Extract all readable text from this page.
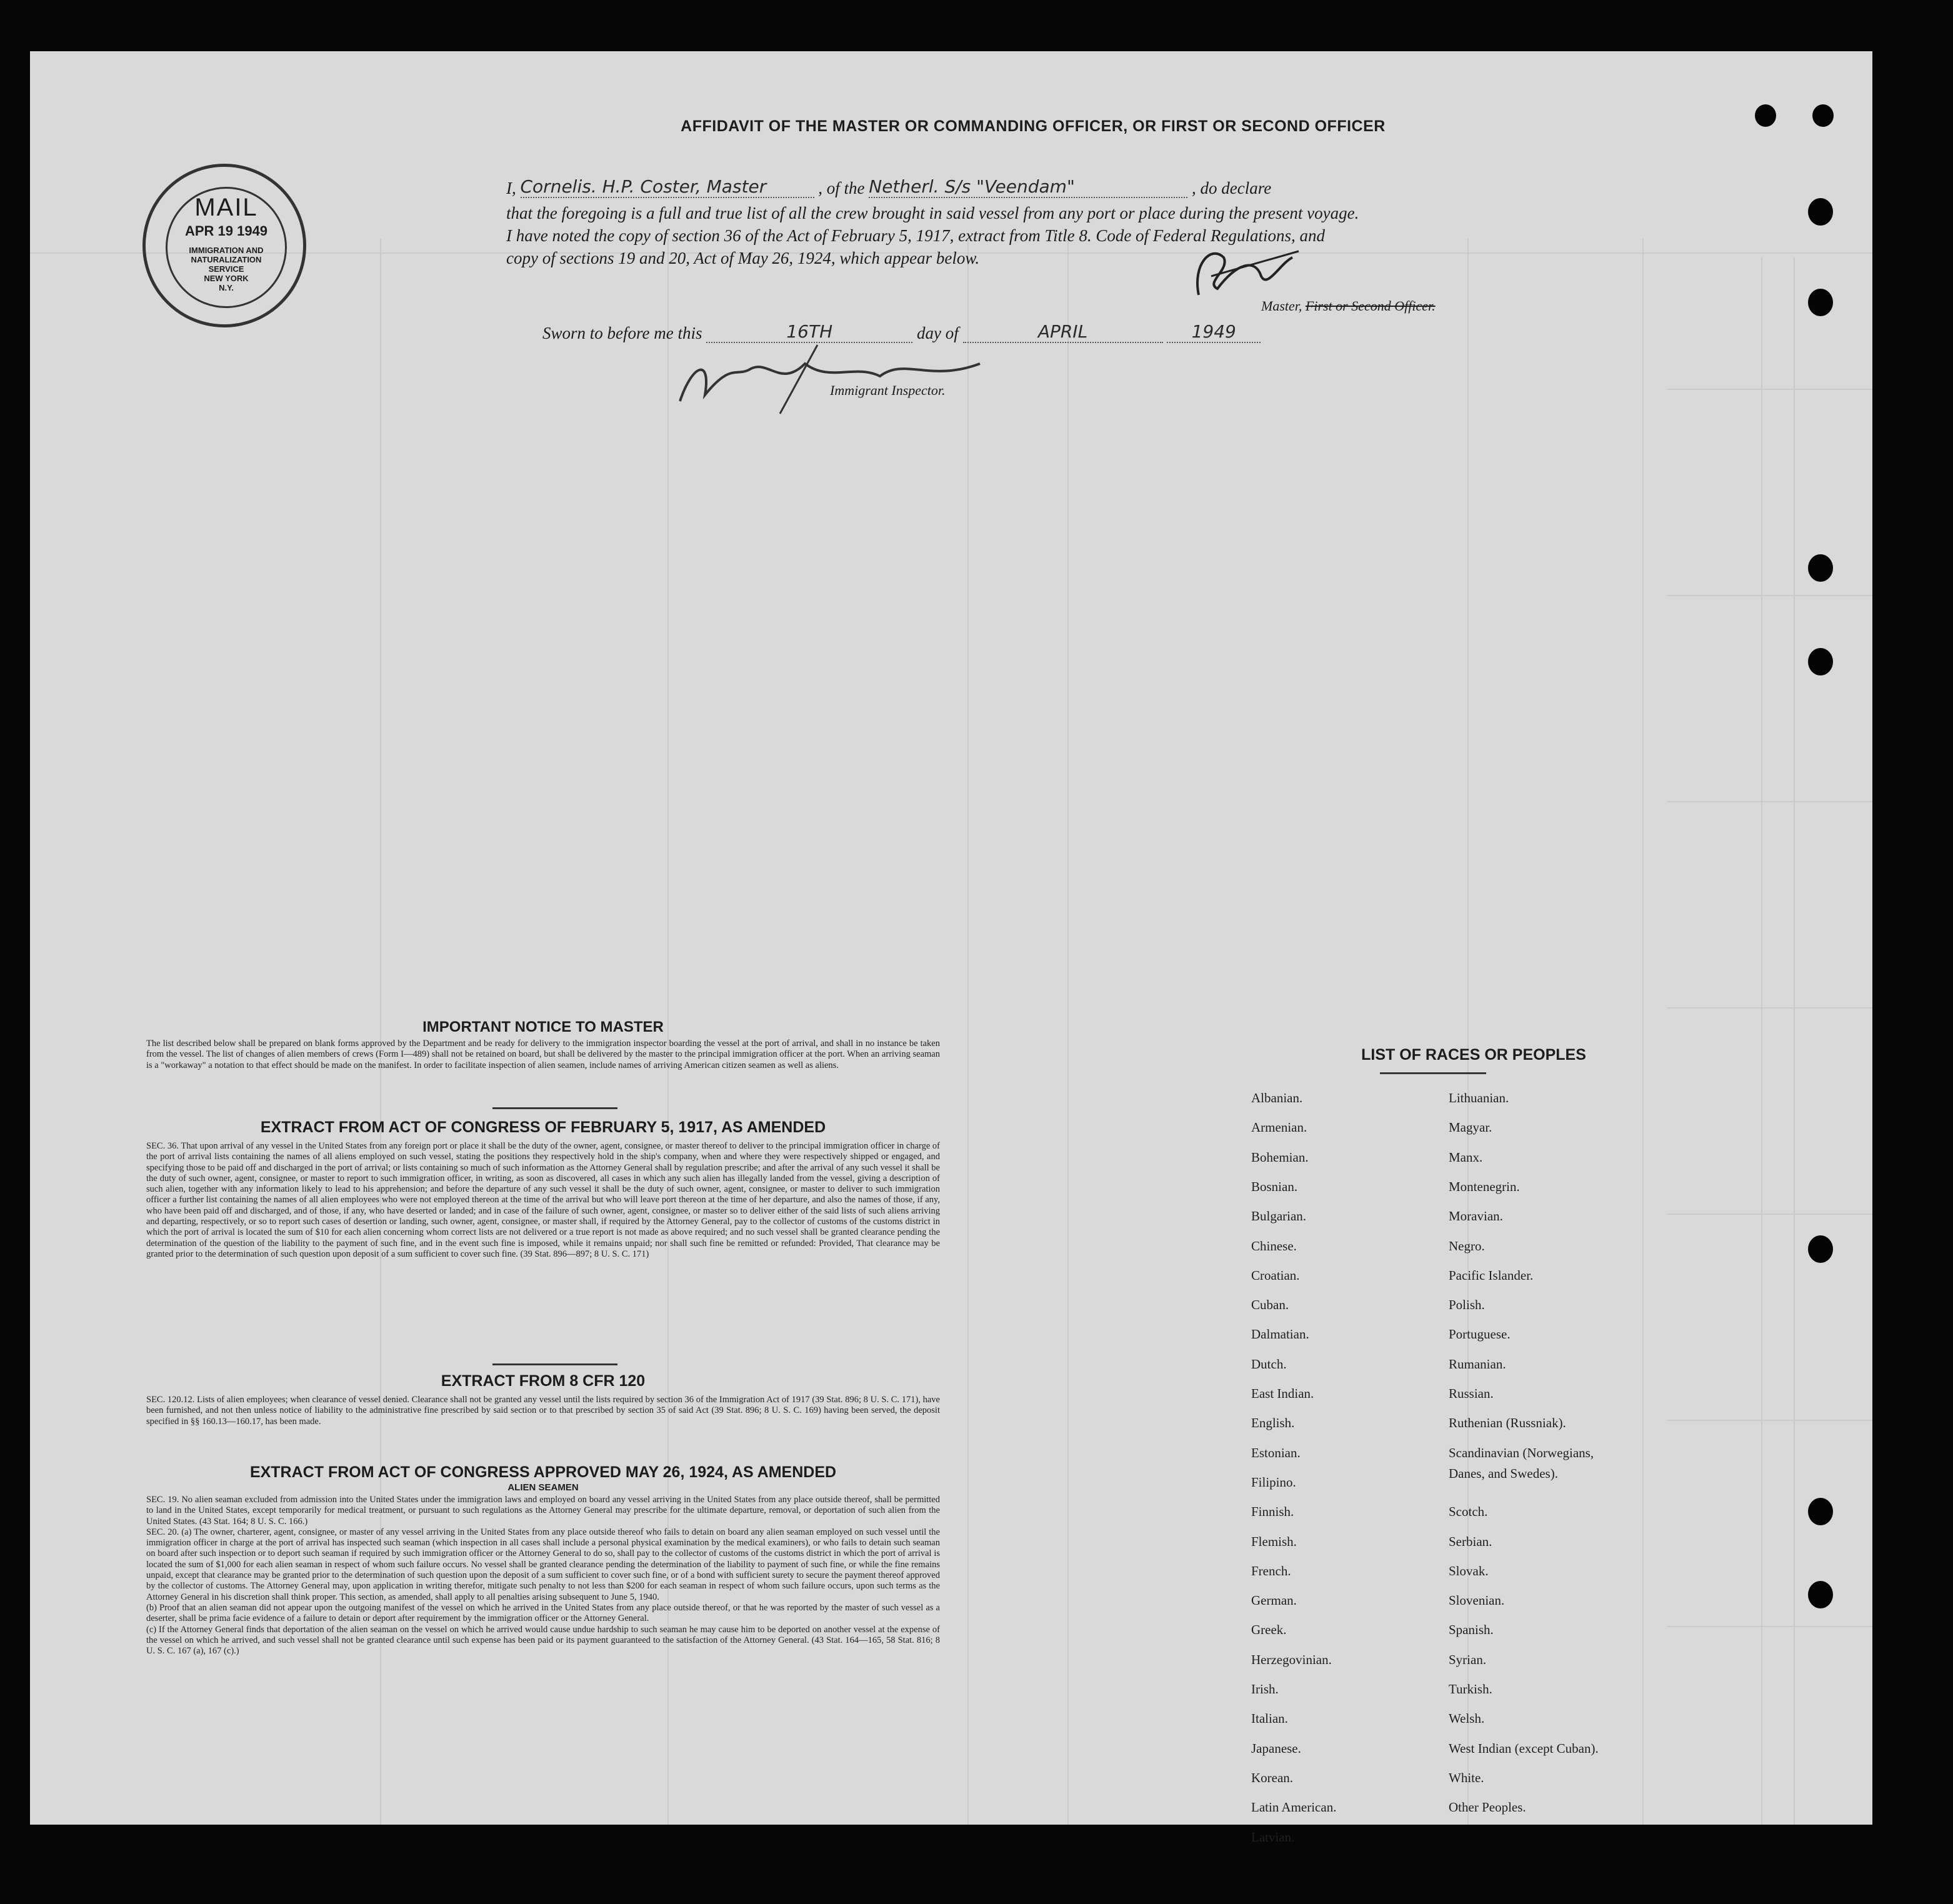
MAIL
APR 19 1949
IMMIGRATION AND
NATURALIZATION
SERVICE
NEW YORK
N.Y.
AFFIDAVIT OF THE MASTER OR COMMANDING OFFICER, OR FIRST OR SECOND OFFICER
I, Cornelis. H.P. Coster, Master	, of the Netherl. S/s "Veendam"	, do declare
that the foregoing is a full and true list of all the crew brought in said vessel from any port or place during the present voyage.
I have noted the copy of section 36 of the Act of February 5, 1917, extract from Title 8. Code of Federal Regulations, and
copy of sections 19 and 20, Act of May 26, 1924, which appear below.
Master, First or Second Officer.
Sworn to before me this	16TH	day of	APRIL	1949
Immigrant Inspector.
IMPORTANT NOTICE TO MASTER
The list described below shall be prepared on blank forms approved by the Department and be ready for delivery to the immigration inspector boarding the vessel at the port of arrival, and shall in no instance be taken from the vessel. The list of changes of alien members of crews (Form I—489) shall not be retained on board, but shall be delivered by the master to the principal immigration officer at the port. When an arriving seaman is a "workaway" a notation to that effect should be made on the manifest. In order to facilitate inspection of alien seamen, include names of arriving American citizen seamen as well as aliens.
EXTRACT FROM ACT OF CONGRESS OF FEBRUARY 5, 1917, AS AMENDED
SEC. 36. That upon arrival of any vessel in the United States from any foreign port or place it shall be the duty of the owner, agent, consignee, or master thereof to deliver to the principal immigration officer in charge of the port of arrival lists containing the names of all aliens employed on such vessel, stating the positions they respectively hold in the ship's company, when and where they were respectively shipped or engaged, and specifying those to be paid off and discharged in the port of arrival; or lists containing so much of such information as the Attorney General shall by regulation prescribe; and after the arrival of any such vessel it shall be the duty of such owner, agent, consignee, or master to report to such immigration officer, in writing, as soon as discovered, all cases in which any such alien has illegally landed from the vessel, giving a description of such alien, together with any information likely to lead to his apprehension; and before the departure of any such vessel it shall be the duty of such owner, agent, consignee, or master to deliver to such immigration officer a further list containing the names of all alien employees who were not employed thereon at the time of the arrival but who will leave port thereon at the time of her departure, and also the names of those, if any, who have been paid off and discharged, and of those, if any, who have deserted or landed; and in case of the failure of such owner, agent, consignee, or master so to deliver either of the said lists of such aliens arriving and departing, respectively, or so to report such cases of desertion or landing, such owner, agent, consignee, or master shall, if required by the Attorney General, pay to the collector of customs of the customs district in which the port of arrival is located the sum of $10 for each alien concerning whom correct lists are not delivered or a true report is not made as above required; and no such vessel shall be granted clearance pending the determination of the question of the liability to the payment of such fine, and in the event such fine is imposed, while it remains unpaid; nor shall such fine be remitted or refunded: Provided, That clearance may be granted prior to the determination of such question upon deposit of a sum sufficient to cover such fine. (39 Stat. 896—897; 8 U. S. C. 171)
EXTRACT FROM 8 CFR 120
SEC. 120.12. Lists of alien employees; when clearance of vessel denied. Clearance shall not be granted any vessel until the lists required by section 36 of the Immigration Act of 1917 (39 Stat. 896; 8 U. S. C. 171), have been furnished, and not then unless notice of liability to the administrative fine prescribed by said section or to that prescribed by section 35 of said Act (39 Stat. 896; 8 U. S. C. 169) having been served, the deposit specified in §§ 160.13—160.17, has been made.
EXTRACT FROM ACT OF CONGRESS APPROVED MAY 26, 1924, AS AMENDED
ALIEN SEAMEN
SEC. 19. No alien seaman excluded from admission into the United States under the immigration laws and employed on board any vessel arriving in the United States from any place outside thereof, shall be permitted to land in the United States, except temporarily for medical treatment, or pursuant to such regulations as the Attorney General may prescribe for the ultimate departure, removal, or deportation of such alien from the United States. (43 Stat. 164; 8 U. S. C. 166.)
SEC. 20. (a) The owner, charterer, agent, consignee, or master of any vessel arriving in the United States from any place outside thereof who fails to detain on board any alien seaman employed on such vessel until the immigration officer in charge at the port of arrival has inspected such seaman (which inspection in all cases shall include a personal physical examination by the medical examiners), or who fails to detain such seaman on board after such inspection or to deport such seaman if required by such immigration officer or the Attorney General to do so, shall pay to the collector of customs of the customs district in which the port of arrival is located the sum of $1,000 for each alien seaman in respect of whom such failure occurs. No vessel shall be granted clearance pending the determination of the liability to payment of such fine, or while the fine remains unpaid, except that clearance may be granted prior to the determination of such question upon the deposit of a sum sufficient to cover such fine, or of a bond with sufficient surety to secure the payment thereof approved by the collector of customs. The Attorney General may, upon application in writing therefor, mitigate such penalty to not less than $200 for each seaman in respect of whom such failure occurs, upon such terms as the Attorney General in his discretion shall think proper. This section, as amended, shall apply to all penalties arising subsequent to June 5, 1940.
(b) Proof that an alien seaman did not appear upon the outgoing manifest of the vessel on which he arrived in the United States from any place outside thereof, or that he was reported by the master of such vessel as a deserter, shall be prima facie evidence of a failure to detain or deport after requirement by the immigration officer or the Attorney General.
(c) If the Attorney General finds that deportation of the alien seaman on the vessel on which he arrived would cause undue hardship to such seaman he may cause him to be deported on another vessel at the expense of the vessel on which he arrived, and such vessel shall not be granted clearance until such expense has been paid or its payment guaranteed to the satisfaction of the Attorney General. (43 Stat. 164—165, 58 Stat. 816; 8 U. S. C. 167 (a), 167 (c).)
LIST OF RACES OR PEOPLES
Albanian.
Armenian.
Bohemian.
Bosnian.
Bulgarian.
Chinese.
Croatian.
Cuban.
Dalmatian.
Dutch.
East Indian.
English.
Estonian.
Filipino.
Finnish.
Flemish.
French.
German.
Greek.
Herzegovinian.
Irish.
Italian.
Japanese.
Korean.
Latin American.
Latvian.
Lithuanian.
Magyar.
Manx.
Montenegrin.
Moravian.
Negro.
Pacific Islander.
Polish.
Portuguese.
Rumanian.
Russian.
Ruthenian (Russniak).
Scandinavian (Norwegians,
Danes, and Swedes).
Scotch.
Serbian.
Slovak.
Slovenian.
Spanish.
Syrian.
Turkish.
Welsh.
West Indian (except Cuban).
White.
Other Peoples.
